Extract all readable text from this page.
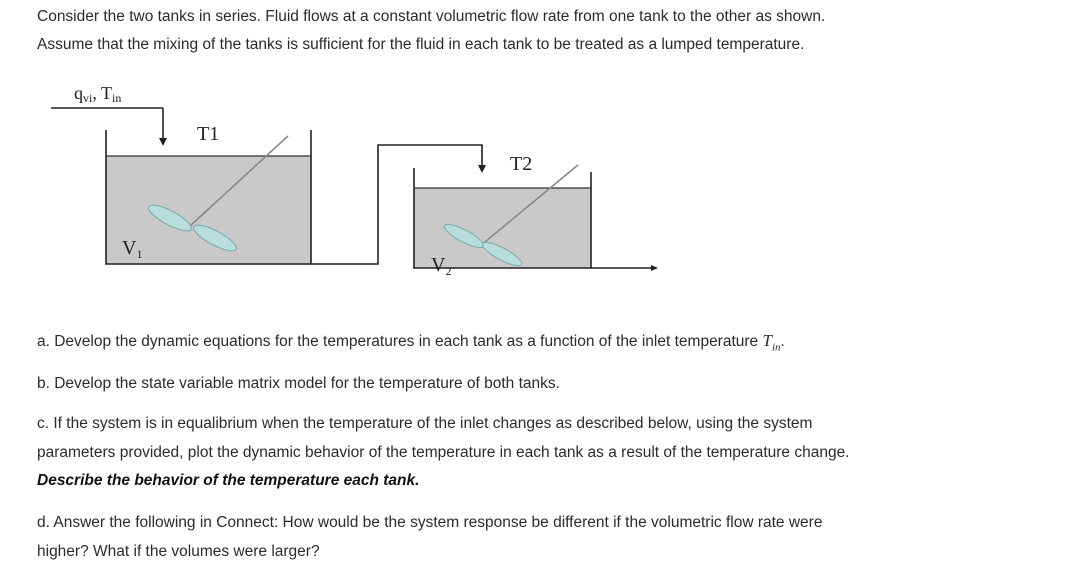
Consider the two tanks in series. Fluid flows at a constant volumetric flow rate from one tank to the other as shown.

Assume that the mixing of the tanks is sufficient for the fluid in each tank to be treated as a lumped temperature.

qvi, Tin
$V_1$
T1
$V_2$
T2

a. Develop the dynamic equations for the temperatures in each tank as a function of the inlet temperature $T_{in}$.

b. Develop the state variable matrix model for the temperature of both tanks.

c. If the system is in equalibrium when the temperature of the inlet changes as described below, using the system

parameters provided, plot the dynamic behavior of the temperature in each tank as a result of the temperature change.

Describe the behavior of the temperature each tank.

d. Answer the following in Connect: How would be the system response be different if the volumetric flow rate were

higher? What if the volumes were larger?
